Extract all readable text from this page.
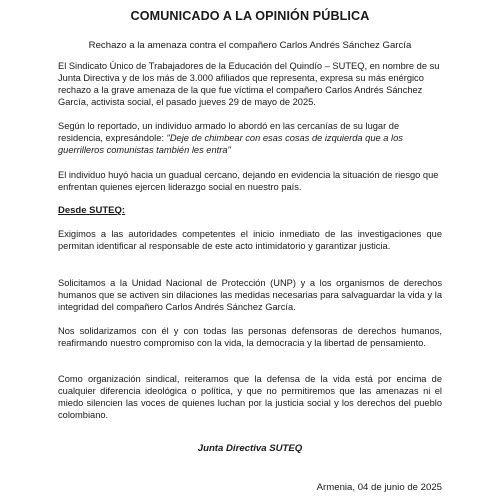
COMUNICADO A LA OPINIÓN PÚBLICA
Rechazo a la amenaza contra el compañero Carlos Andrés Sánchez García

El Sindicato Único de Trabajadores de la Educación del Quindío – SUTEQ, en nombre de su Junta Directiva y de los más de 3.000 afiliados que representa, expresa su más enérgico rechazo a la grave amenaza de la que fue víctima el compañero Carlos Andrés Sánchez García, activista social, el pasado jueves 29 de mayo de 2025.

Según lo reportado, un individuo armado lo abordó en las cercanías de su lugar de residencia, expresándole: "Deje de chimbear con esas cosas de izquierda que a los guerrilleros comunistas también les entra"

El individuo huyó hacia un guadual cercano, dejando en evidencia la situación de riesgo que enfrentan quienes ejercen liderazgo social en nuestro país.

Desde SUTEQ:

Exigimos a las autoridades competentes el inicio inmediato de las investigaciones que permitan identificar al responsable de este acto intimidatorio y garantizar justicia.

Solicitamos a la Unidad Nacional de Protección (UNP) y a los organismos de derechos humanos que se activen sin dilaciones las medidas necesarias para salvaguardar la vida y la integridad del compañero Carlos Andrés Sánchez García.

Nos solidarizamos con él y con todas las personas defensoras de derechos humanos, reafirmando nuestro compromiso con la vida, la democracia y la libertad de pensamiento.

Como organización sindical, reiteramos que la defensa de la vida está por encima de cualquier diferencia ideológica o política, y que no permitiremos que las amenazas ni el miedo silencien las voces de quienes luchan por la justicia social y los derechos del pueblo colombiano.

Junta Directiva SUTEQ
Armenia, 04 de junio de 2025
